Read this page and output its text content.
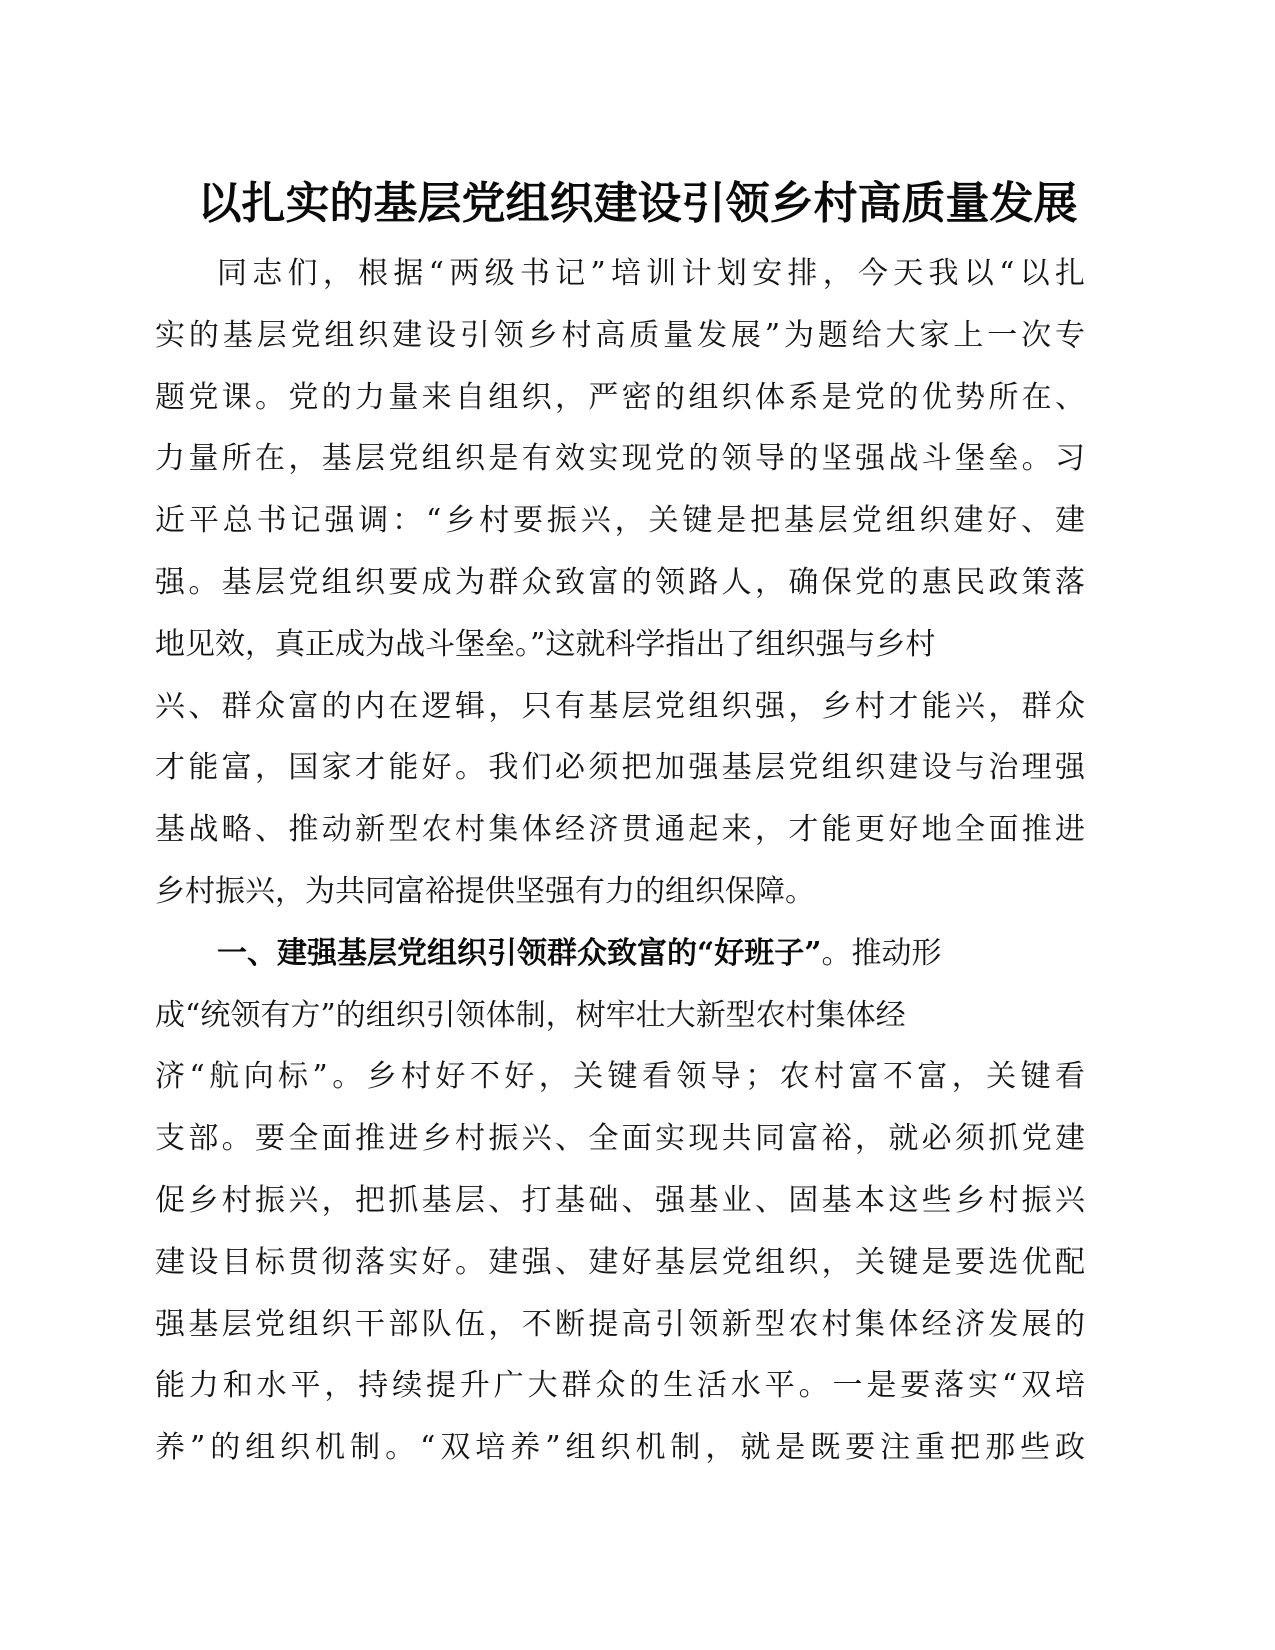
以扎实的基层党组织建设引领乡村高质量发展
同志们，根据“两级书记”培训计划安排，今天我以“以扎
实的基层党组织建设引领乡村高质量发展”为题给大家上一次专
题党课。党的力量来自组织，严密的组织体系是党的优势所在、
力量所在，基层党组织是有效实现党的领导的坚强战斗堡垒。习
近平总书记强调：“乡村要振兴，关键是把基层党组织建好、建
强。基层党组织要成为群众致富的领路人，确保党的惠民政策落
地见效，真正成为战斗堡垒。”这就科学指出了组织强与乡村
兴、群众富的内在逻辑，只有基层党组织强，乡村才能兴，群众
才能富，国家才能好。我们必须把加强基层党组织建设与治理强
基战略、推动新型农村集体经济贯通起来，才能更好地全面推进
乡村振兴，为共同富裕提供坚强有力的组织保障。
一、建强基层党组织引领群众致富的“好班子”。推动形
成“统领有方”的组织引领体制，树牢壮大新型农村集体经
济“航向标”。乡村好不好，关键看领导；农村富不富，关键看
支部。要全面推进乡村振兴、全面实现共同富裕，就必须抓党建
促乡村振兴，把抓基层、打基础、强基业、固基本这些乡村振兴
建设目标贯彻落实好。建强、建好基层党组织，关键是要选优配
强基层党组织干部队伍，不断提高引领新型农村集体经济发展的
能力和水平，持续提升广大群众的生活水平。一是要落实“双培
养”的组织机制。“双培养”组织机制，就是既要注重把那些政
